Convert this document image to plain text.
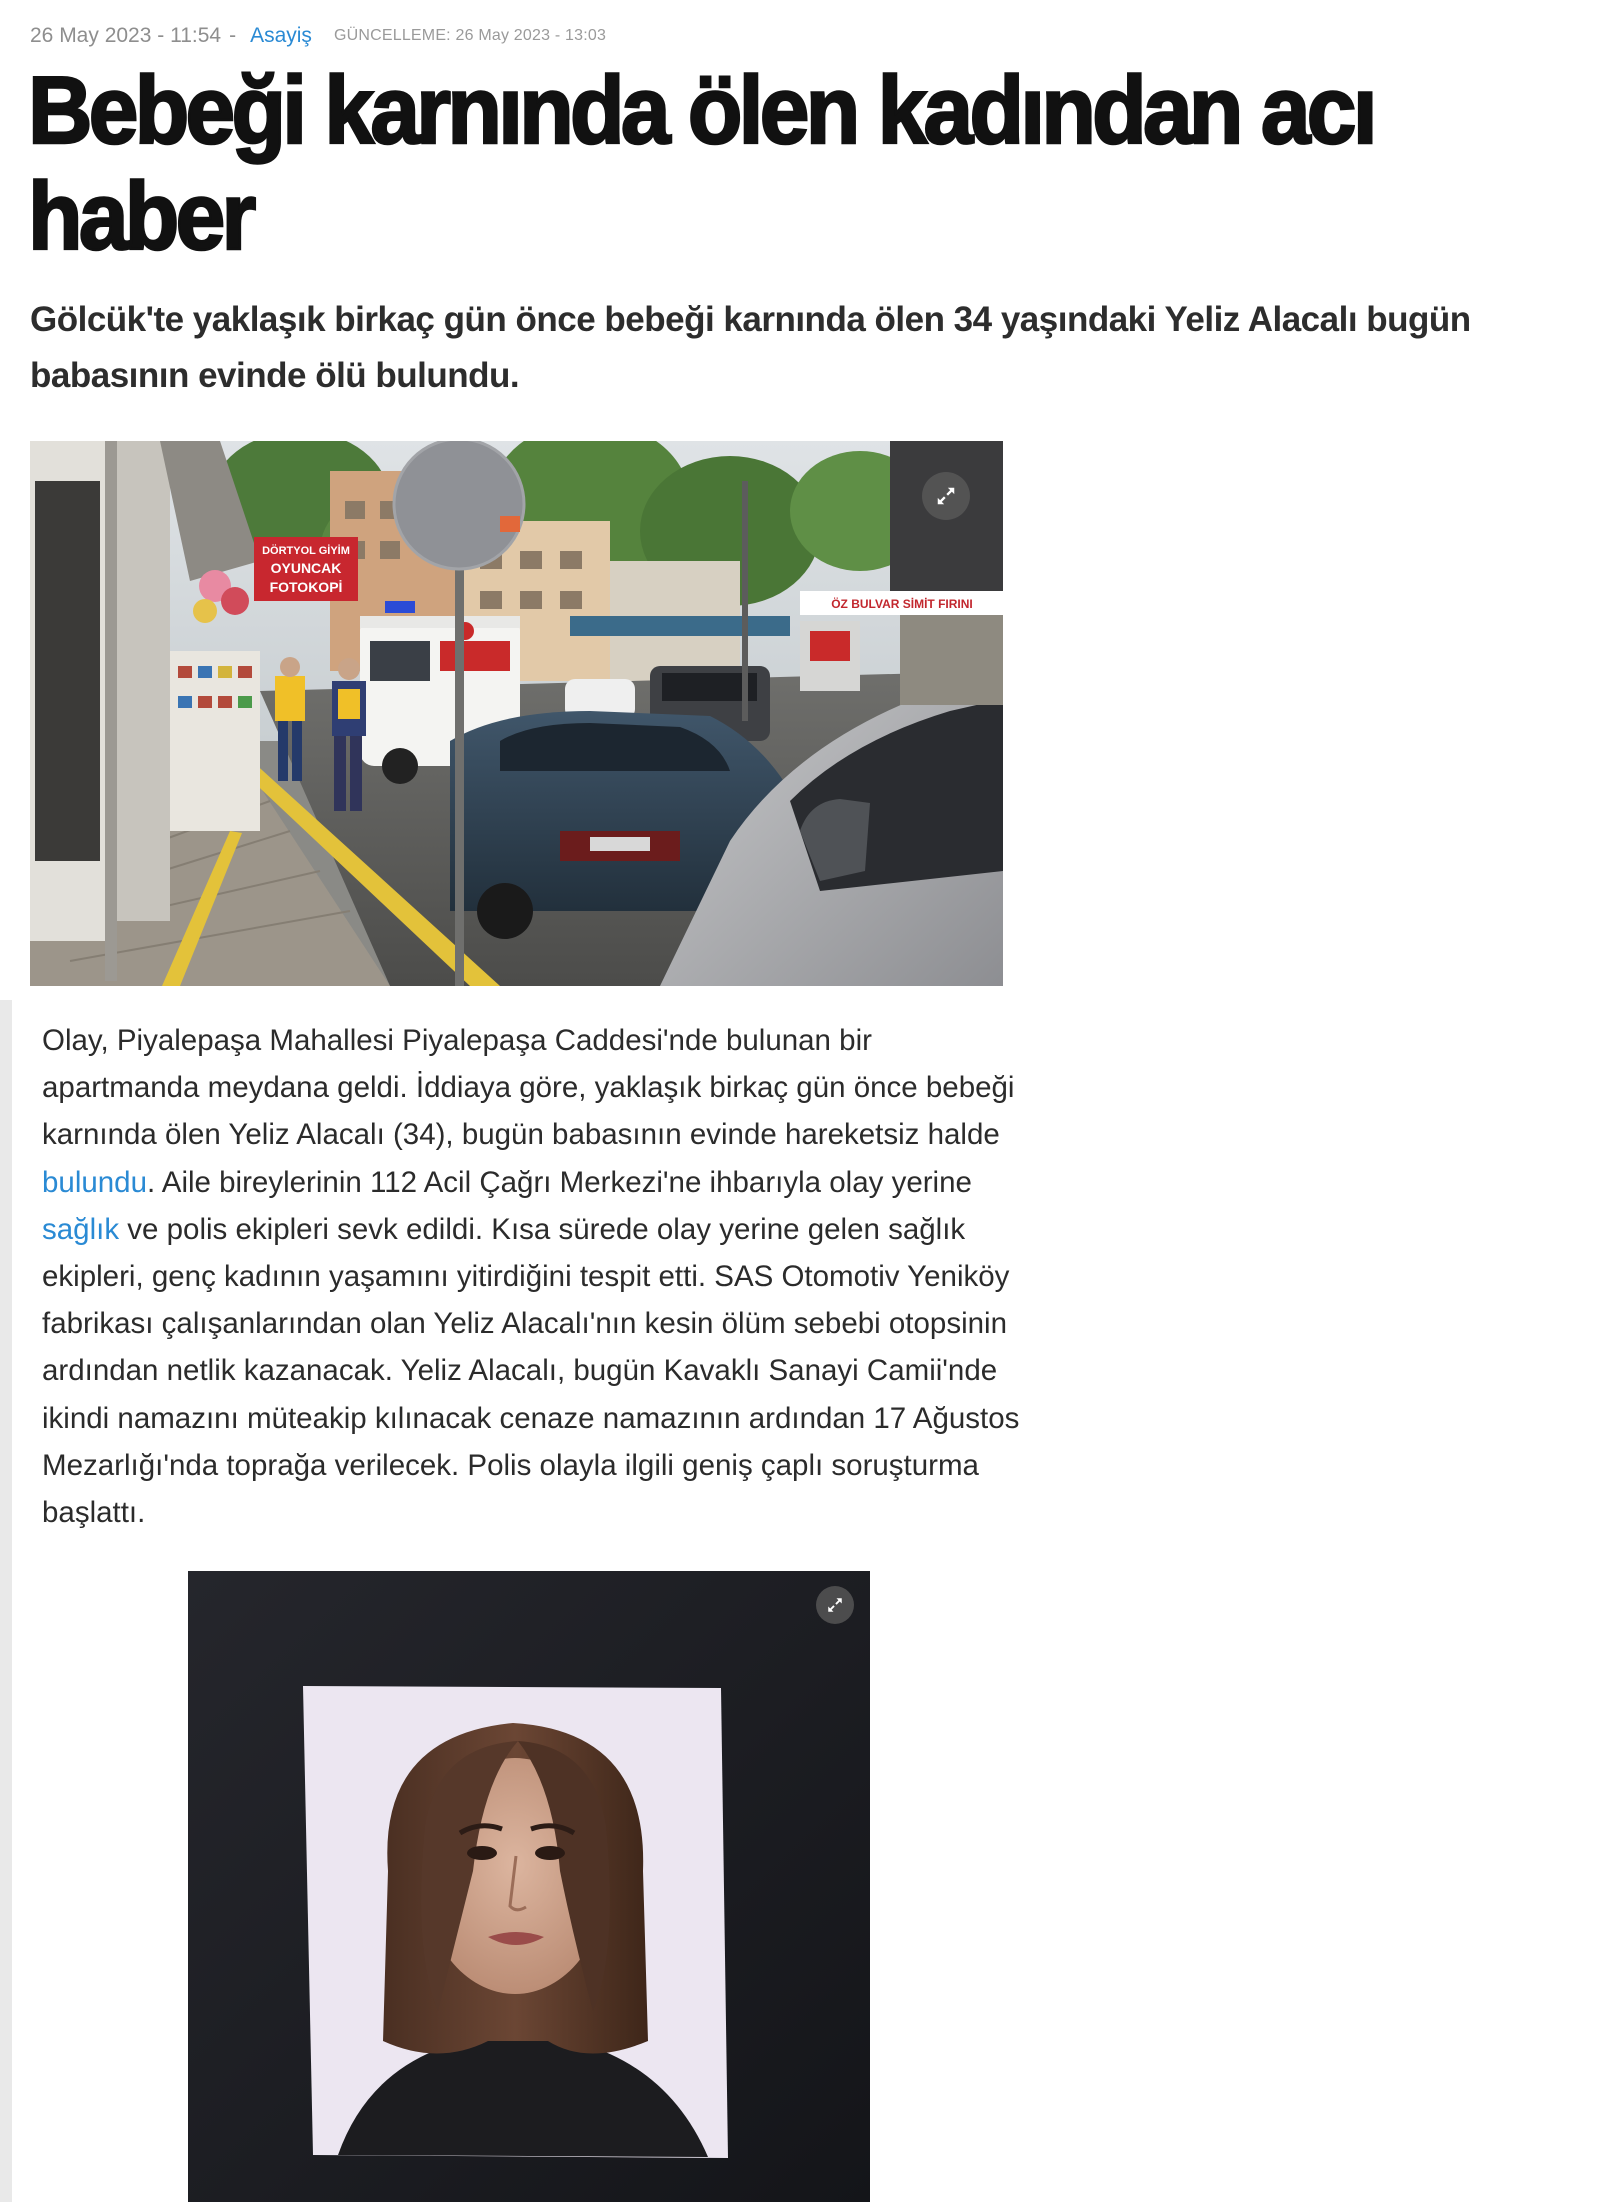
26 May 2023 - 11:54 - Asayiş GÜNCELLEME: 26 May 2023 - 13:03
Bebeği karnında ölen kadından acı haber
Gölcük'te yaklaşık birkaç gün önce bebeği karnında ölen 34 yaşındaki Yeliz Alacalı bugün babasının evinde ölü bulundu.
DÖRTYOL GİYİM
OYUNCAK
FOTOKOPİ
ÖZ BULVAR SİMİT FIRINI

Olay, Piyalepaşa Mahallesi Piyalepaşa Caddesi'nde bulunan bir apartmanda meydana geldi. İddiaya göre, yaklaşık birkaç gün önce bebeği karnında ölen Yeliz Alacalı (34), bugün babasının evinde hareketsiz halde bulundu. Aile bireylerinin 112 Acil Çağrı Merkezi'ne ihbarıyla olay yerine sağlık ve polis ekipleri sevk edildi. Kısa sürede olay yerine gelen sağlık ekipleri, genç kadının yaşamını yitirdiğini tespit etti. SAS Otomotiv Yeniköy fabrikası çalışanlarından olan Yeliz Alacalı'nın kesin ölüm sebebi otopsinin ardından netlik kazanacak. Yeliz Alacalı, bugün Kavaklı Sanayi Camii'nde ikindi namazını müteakip kılınacak cenaze namazının ardından 17 Ağustos Mezarlığı'nda toprağa verilecek. Polis olayla ilgili geniş çaplı soruşturma başlattı.
